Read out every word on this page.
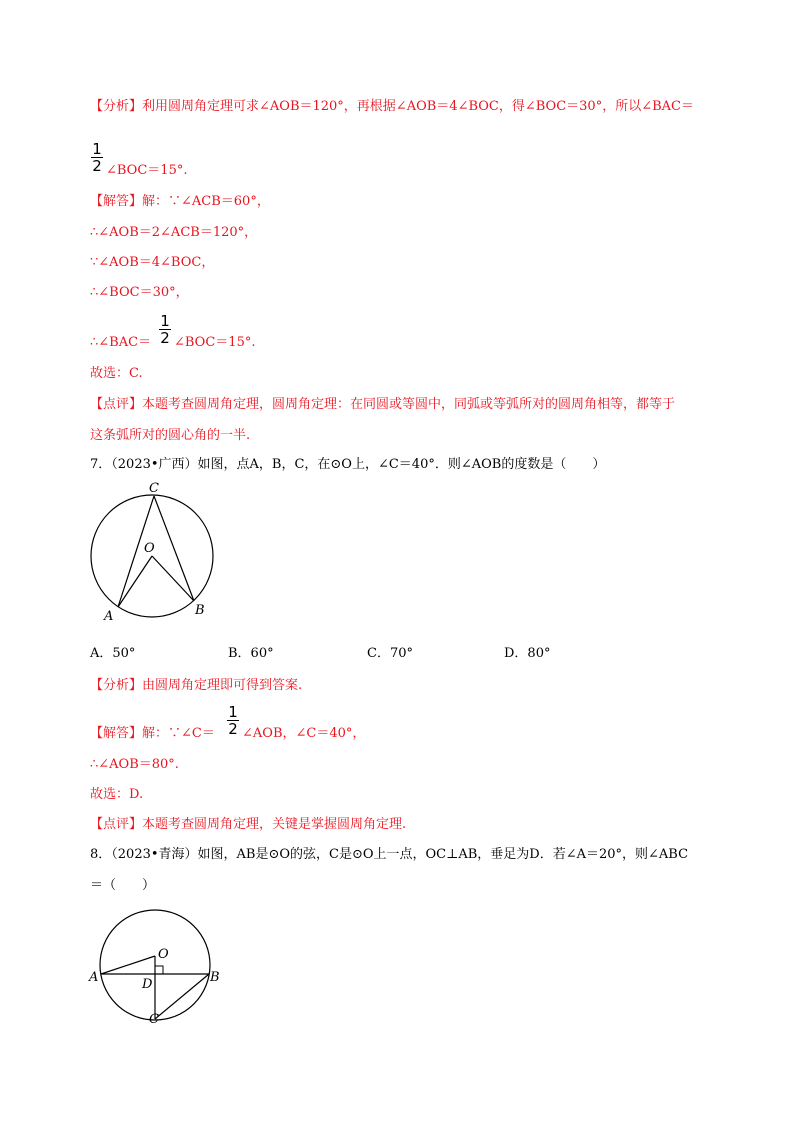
【分析】利用圆周角定理可求∠AOB＝120°，再根据∠AOB＝4∠BOC，得∠BOC＝30°，所以∠BAC＝
1
2 ∠BOC＝15°.
【解答】解：∵∠ACB＝60°，
∴∠AOB＝2∠ACB＝120°，
∵∠AOB＝4∠BOC，
∴∠BOC＝30°，
∴∠BAC＝
1
2 ∠BOC＝15°.
故选：C.
【点评】本题考查圆周角定理，圆周角定理：在同圆或等圆中，同弧或等弧所对的圆周角相等，都等于
这条弧所对的圆心角的一半.
7．（2023•广西）如图，点A，B，C，在⊙O上，∠C＝40°．则∠AOB的度数是（　　）
C
O
A	B
A．50°	B．60°	C．70°	D．80°
【分析】由圆周角定理即可得到答案.
【解答】解：∵∠C＝
1
2 ∠AOB，∠C＝40°，
∴∠AOB＝80°.
故选：D.
【点评】本题考查圆周角定理，关键是掌握圆周角定理.
8．（2023•青海）如图，AB是⊙O的弦，C是⊙O上一点，OC⊥AB，垂足为D．若∠A＝20°，则∠ABC
＝（　　）
O
A	B
D
C
